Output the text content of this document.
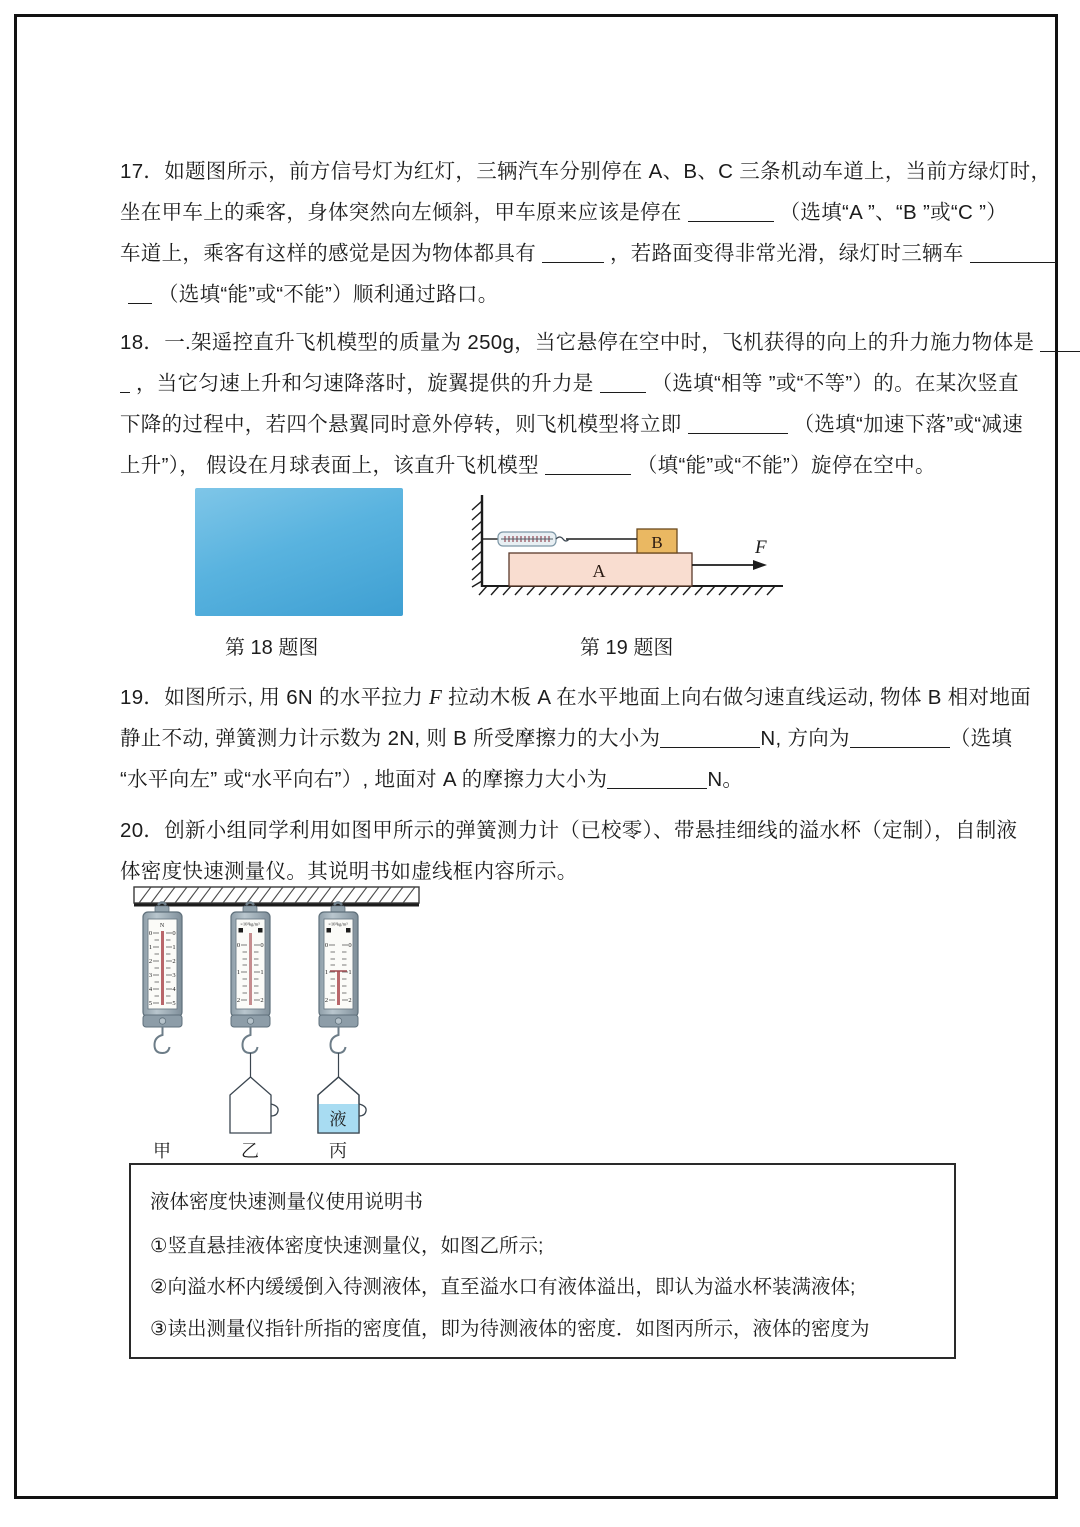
17．如题图所示，前方信号灯为红灯，三辆汽车分别停在 A、B、C 三条机动车道上，当前方绿灯时，
坐在甲车上的乘客，身体突然向左倾斜，甲车原来应该是停在	（选填“A ”、“B ”或“C ”）
车道上，乘客有这样的感觉是因为物体都具有	，若路面变得非常光滑，绿灯时三辆车
（选填“能”或“不能”）顺利通过路口。
18．一.架遥控直升飞机模型的质量为 250g，当它悬停在空中时，飞机获得的向上的升力施力物体是
，当它匀速上升和匀速降落时，旋翼提供的升力是	（选填“相等 ”或“不等”）的。在某次竖直
下降的过程中，若四个悬翼同时意外停转，则飞机模型将立即	（选填“加速下落”或“减速
上升”）， 假设在月球表面上，该直升飞机模型	（填“能”或“不能”）旋停在空中。
第 18 题图
A
B	F
第 19 题图
19．如图所示, 用 6N 的水平拉力 F 拉动木板 A 在水平地面上向右做匀速直线运动, 物体 B 相对地面
静止不动, 弹簧测力计示数为 2N, 则 B 所受摩擦力的大小为	N, 方向为	（选填
“水平向左” 或“水平向右”）, 地面对 A 的摩擦力大小为	N。
20．创新小组同学利用如图甲所示的弹簧测力计（已校零）、带悬挂细线的溢水杯（定制），自制液
体密度快速测量仪。其说明书如虚线框内容所示。
N
0	0
1	1
2	2
3	3
4	4
5	5
×10³kg/m³
0	0
1	1
2	2
×10³kg/m³
0	0
1	1
2	2
液
甲	乙	丙
液体密度快速测量仪使用说明书
①竖直悬挂液体密度快速测量仪，如图乙所示;
②向溢水杯内缓缓倒入待测液体，直至溢水口有液体溢出，即认为溢水杯装满液体;
③读出测量仪指针所指的密度值，即为待测液体的密度．如图丙所示，液体的密度为
